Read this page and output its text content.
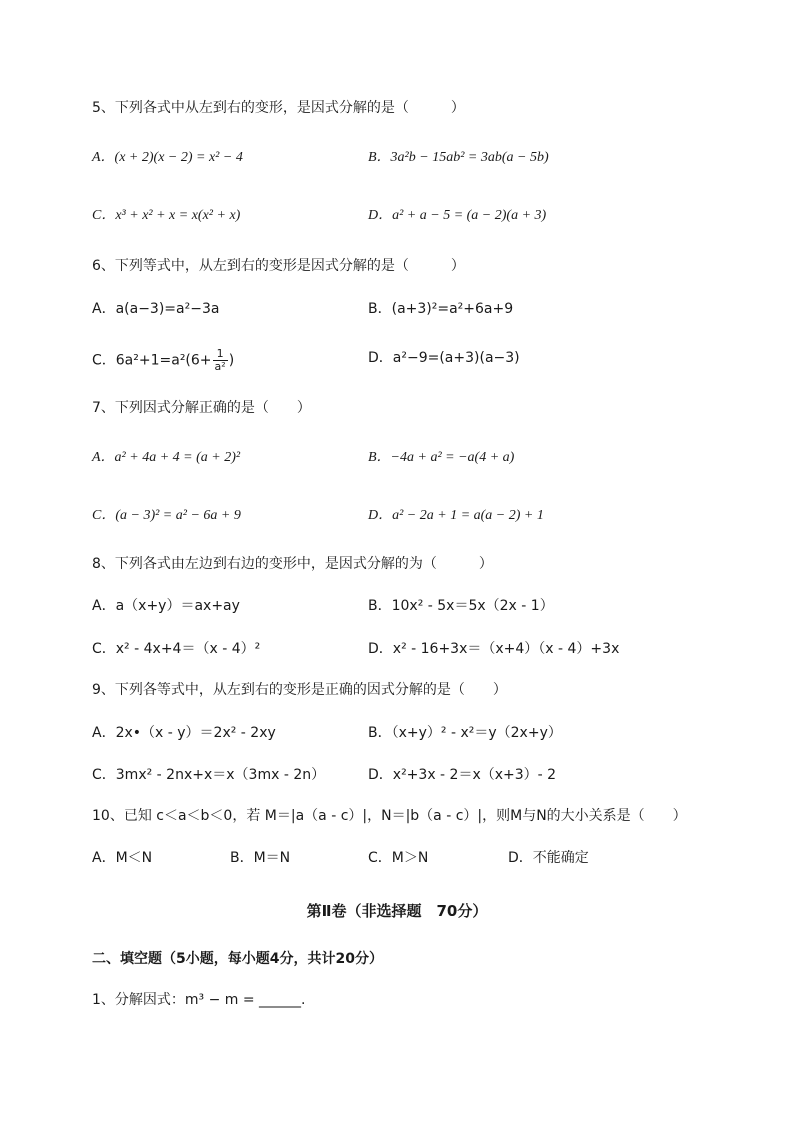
5、下列各式中从左到右的变形，是因式分解的是（　　　）
A．(x + 2)(x − 2) = x² − 4	B．3a²b − 15ab² = 3ab(a − 5b)
C．x³ + x² + x = x(x² + x)	D．a² + a − 5 = (a − 2)(a + 3)
6、下列等式中，从左到右的变形是因式分解的是（　　　）
A．a(a−3)=a²−3a	B．(a+3)²=a²+6a+9
C．$6a^2+1=a^2(6+ \frac{1}{\text{a²}}$ )	D．a²−9=(a+3)(a−3)
7、下列因式分解正确的是（　　）
A．a² + 4a + 4 = (a + 2)²	B．−4a + a² = −a(4 + a)
C．(a − 3)² = a² − 6a + 9	D．a² − 2a + 1 = a(a − 2) + 1
8、下列各式由左边到右边的变形中，是因式分解的为（　　　）
A．a（x+y）＝ax+ay	B．10x² ‑ 5x＝5x（2x ‑ 1）
C．x² ‑ 4x+4＝（x ‑ 4）²	D．x² ‑ 16+3x＝（x+4）（x ‑ 4）+3x
9、下列各等式中，从左到右的变形是正确的因式分解的是（　　）
A．2x•（x ‑ y）＝2x² ‑ 2xy	B．（x+y）² ‑ x²＝y（2x+y）
C．3mx² ‑ 2nx+x＝x（3mx ‑ 2n）	D．x²+3x ‑ 2＝x（x+3）‑ 2
10、已知 c＜a＜b＜0，若 M＝|a（a ‑ c）|，N＝|b（a ‑ c）|，则M与N的大小关系是（　　）
A．M＜N	B．M＝N	C．M＞N	D．不能确定
第Ⅱ卷（非选择题　70分）
二、填空题（5小题，每小题4分，共计20分）
1、分解因式：m³ − m = ______.
